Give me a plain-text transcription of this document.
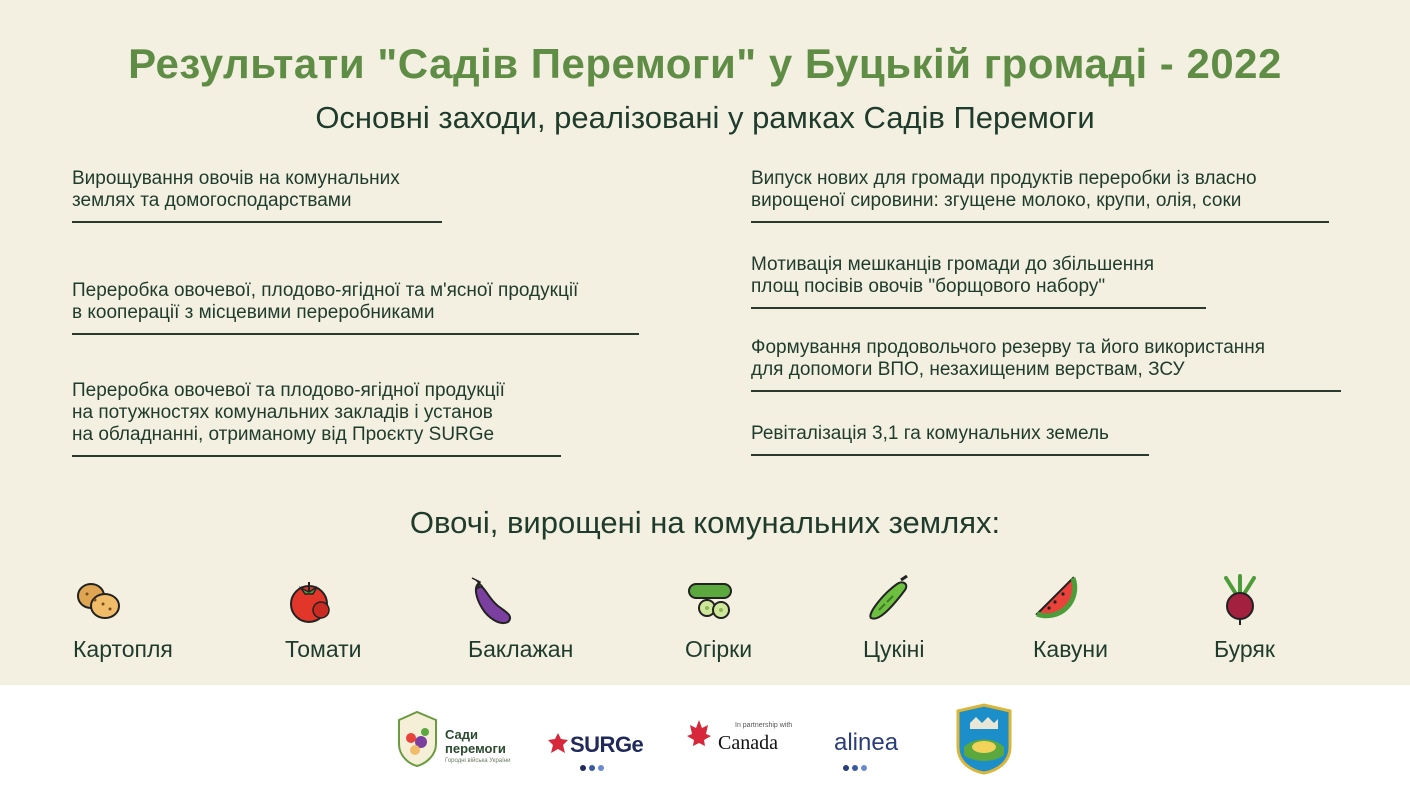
Результати "Садів Перемоги" у Буцькій громаді - 2022
Основні заходи, реалізовані у рамках Садів Перемоги
Вирощування овочів на комунальних
землях та домогосподарствами
Переробка овочевої, плодово-ягідної та м'ясної продукції
в кооперації з місцевими переробниками
Переробка овочевої та плодово-ягідної продукції
на потужностях комунальних закладів і установ
на обладнанні, отриманому від Проєкту SURGe
Випуск нових для громади продуктів переробки із власно
вирощеної сировини: згущене молоко, крупи, олія, соки
Мотивація мешканців громади до збільшення
площ посівів овочів "борщового набору"
Формування продовольчого резерву та його використання
для допомоги ВПО, незахищеним верствам, ЗСУ
Ревіталізація 3,1 га комунальних земель
Овочі, вирощені на комунальних землях:
Картопля	Томати	Баклажан	Огірки	Цукіні	Кавуни	Буряк
Сади
перемоги
Городні війська України
SURGe
In partnership with
Canada alinea
